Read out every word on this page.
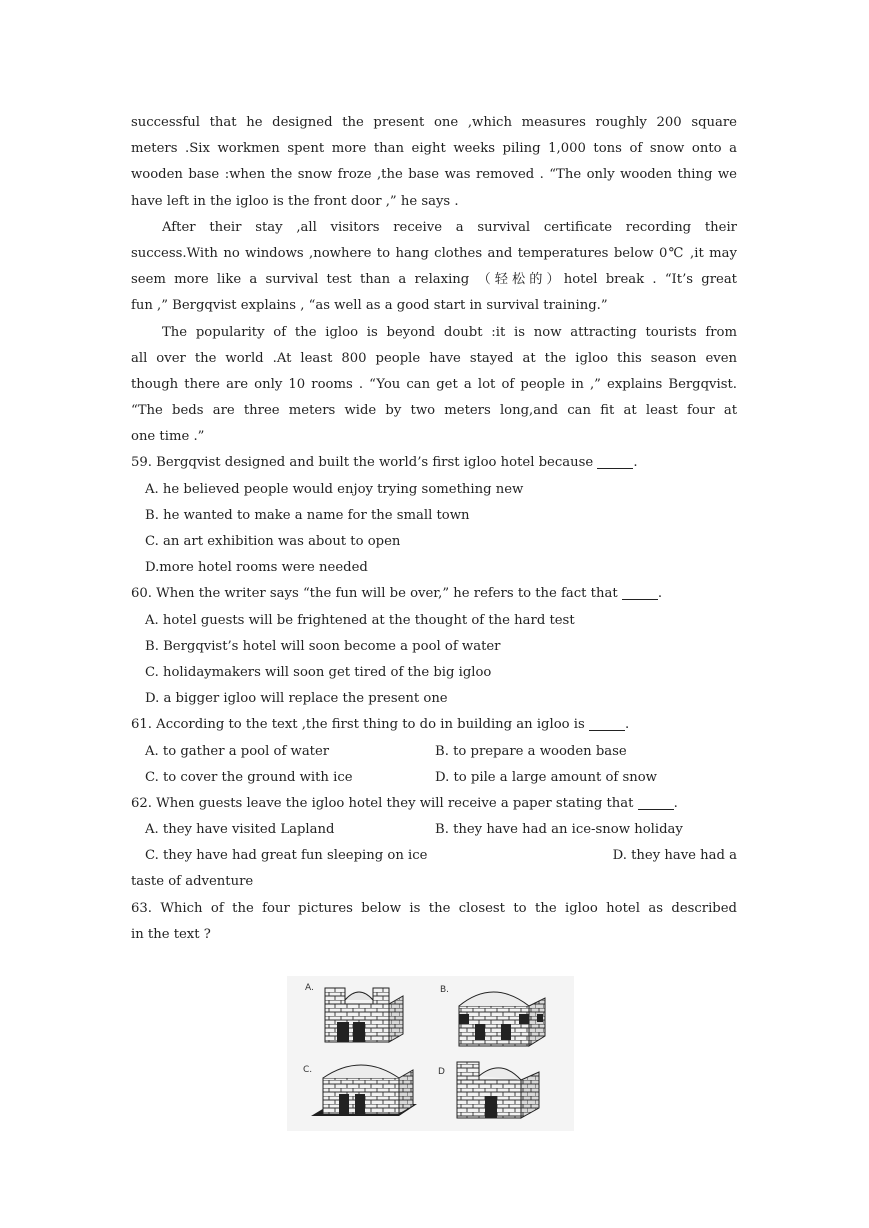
successful that he designed the present one ,which measures roughly 200 square
meters .Six workmen spent more than eight weeks piling 1,000 tons of snow onto a
wooden base :when the snow froze ,the base was removed . “The only wooden thing we
have left in the igloo is the front door ,” he says .
After their stay ,all visitors receive a survival certificate recording their
success.With no windows ,nowhere to hang clothes and temperatures below 0℃ ,it may
seem more like a survival test than a relaxing （轻松的）hotel break . “It’s great
fun ,” Bergqvist explains , “as well as a good start in survival training.”
The popularity of the igloo is beyond doubt :it is now attracting tourists from
all over the world .At least 800 people have stayed at the igloo this season even
though there are only 10 rooms . “You can get a lot of people in ,” explains Bergqvist.
“The beds are three meters wide by two meters long,and can fit at least four at
one time .”
59. Bergqvist designed and built the world’s first igloo hotel because	.
A. he believed people would enjoy trying something new
B. he wanted to make a name for the small town
C. an art exhibition was about to open
D.more hotel rooms were needed
60. When the writer says “the fun will be over,” he refers to the fact that	.
A. hotel guests will be frightened at the thought of the hard test
B. Bergqvist’s hotel will soon become a pool of water
C. holidaymakers will soon get tired of the big igloo
D. a bigger igloo will replace the present one
61. According to the text ,the first thing to do in building an igloo is	.
A. to gather a pool of water	B. to prepare a wooden base
C. to cover the ground with ice	D. to pile a large amount of snow
62. When guests leave the igloo hotel they will receive a paper stating that	.
A. they have visited Lapland	B. they have had an ice-snow holiday
C. they have had great fun sleeping on ice	D. they have had a
taste of adventure
63. Which of the four pictures below is the closest to the igloo hotel as described
in the text ?
A.	B.
C.	D
